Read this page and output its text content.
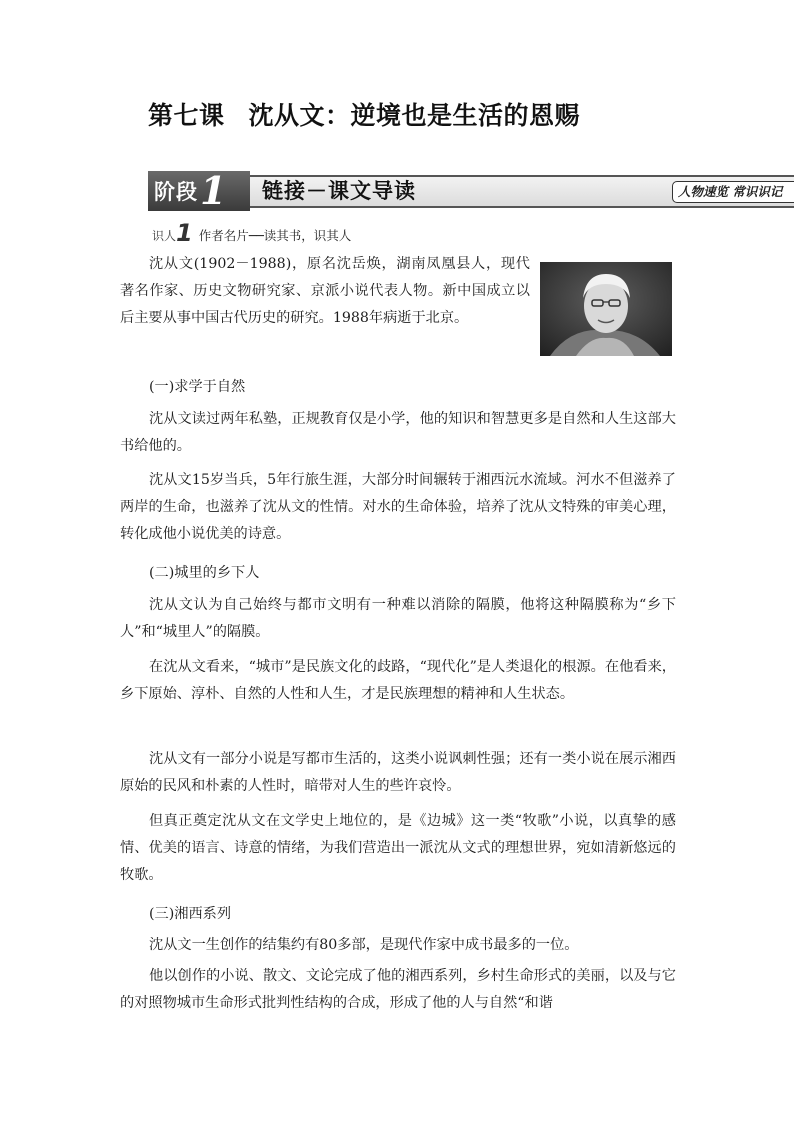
第七课 沈从文：逆境也是生活的恩赐
阶段 1 链接－课文导读	人物速览 常识识记
识人 1 作者名片──读其书，识其人

沈从文(1902－1988)，原名沈岳焕，湖南凤凰县人，现代著名作家、历史文物研究家、京派小说代表人物。新中国成立以后主要从事中国古代历史的研究。1988年病逝于北京。

(一)求学于自然

沈从文读过两年私塾，正规教育仅是小学，他的知识和智慧更多是自然和人生这部大书给他的。

沈从文15岁当兵，5年行旅生涯，大部分时间辗转于湘西沅水流域。河水不但滋养了两岸的生命，也滋养了沈从文的性情。对水的生命体验，培养了沈从文特殊的审美心理，转化成他小说优美的诗意。

(二)城里的乡下人

沈从文认为自己始终与都市文明有一种难以消除的隔膜，他将这种隔膜称为“乡下人”和“城里人”的隔膜。

在沈从文看来，“城市”是民族文化的歧路，“现代化”是人类退化的根源。在他看来，乡下原始、淳朴、自然的人性和人生，才是民族理想的精神和人生状态。

沈从文有一部分小说是写都市生活的，这类小说讽刺性强；还有一类小说在展示湘西原始的民风和朴素的人性时，暗带对人生的些许哀怜。

但真正奠定沈从文在文学史上地位的，是《边城》这一类“牧歌”小说，以真挚的感情、优美的语言、诗意的情绪，为我们营造出一派沈从文式的理想世界，宛如清新悠远的牧歌。

(三)湘西系列

沈从文一生创作的结集约有80多部，是现代作家中成书最多的一位。

他以创作的小说、散文、文论完成了他的湘西系列，乡村生命形式的美丽，以及与它的对照物城市生命形式批判性结构的合成，形成了他的人与自然“和谐
